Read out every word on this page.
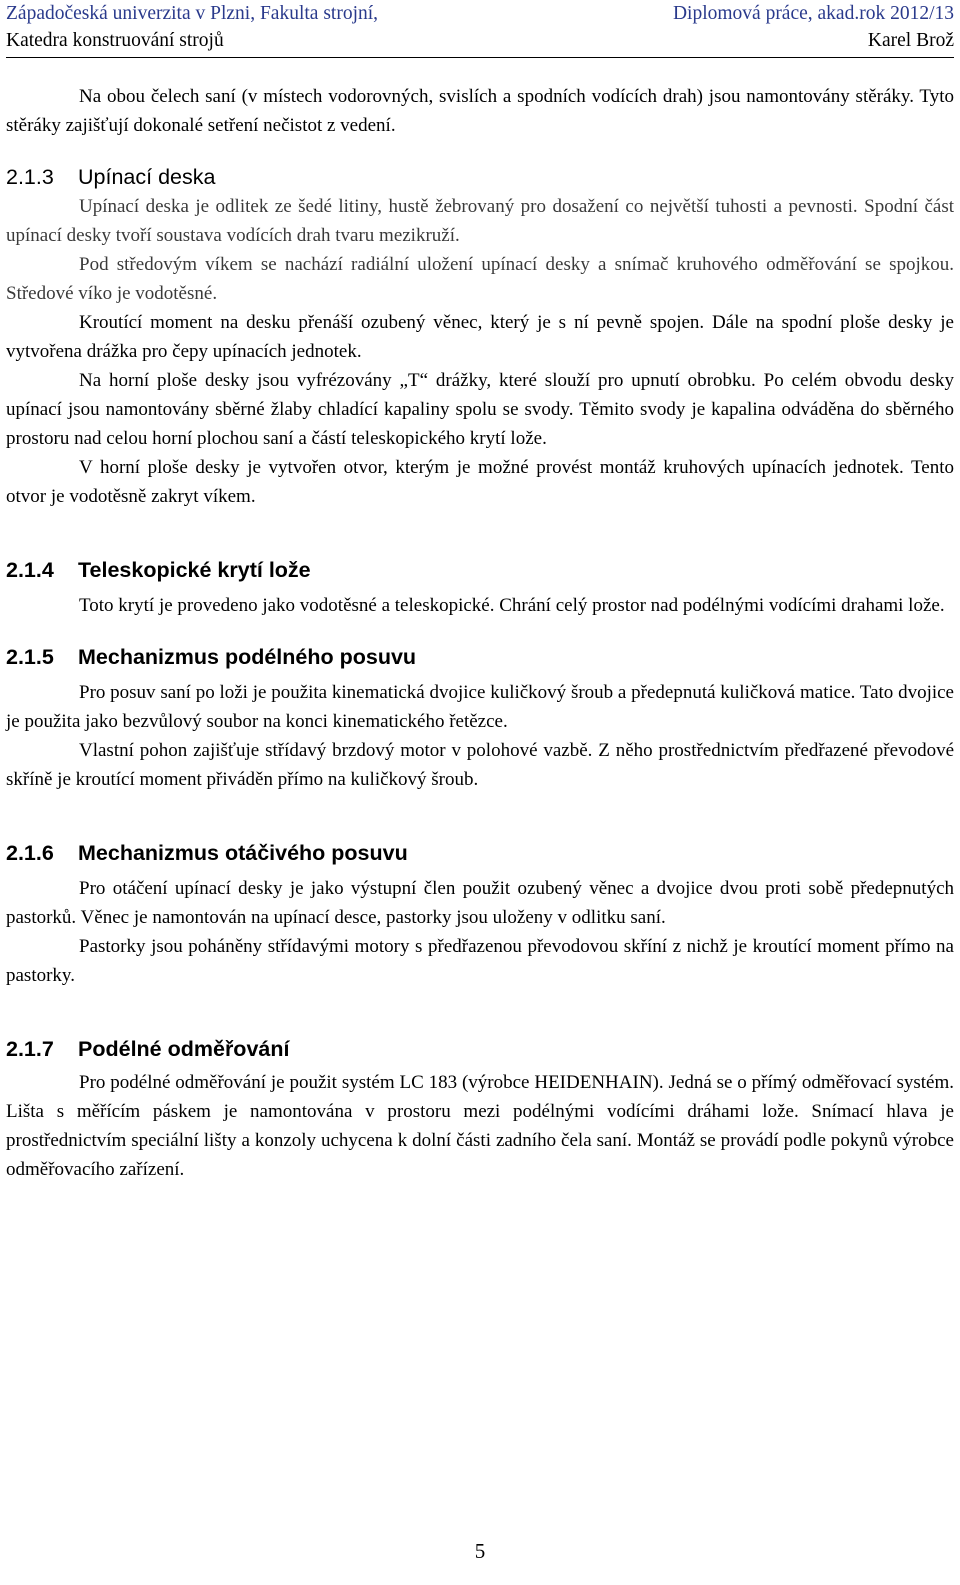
Západočeská univerzita v Plzni, Fakulta strojní,	Diplomová práce, akad.rok 2012/13
Katedra konstruování strojů	Karel Brož

Na obou čelech saní (v místech vodorovných, svislích a spodních vodících drah) jsou namontovány stěráky. Tyto stěráky zajišťují dokonalé setření nečistot z vedení.

2.1.3 Upínací deska

Upínací deska je odlitek ze šedé litiny, hustě žebrovaný pro dosažení co největší tuhosti a pevnosti. Spodní část upínací desky tvoří soustava vodících drah tvaru mezikruží.

Pod středovým víkem se nachází radiální uložení upínací desky a snímač kruhového odměřování se spojkou. Středové víko je vodotěsné.

Kroutící moment na desku přenáší ozubený věnec, který je s ní pevně spojen. Dále na spodní ploše desky je vytvořena drážka pro čepy upínacích jednotek.

Na horní ploše desky jsou vyfrézovány „T“ drážky, které slouží pro upnutí obrobku. Po celém obvodu desky upínací jsou namontovány sběrné žlaby chladící kapaliny spolu se svody. Těmito svody je kapalina odváděna do sběrného prostoru nad celou horní plochou saní a částí teleskopického krytí lože.

V horní ploše desky je vytvořen otvor, kterým je možné provést montáž kruhových upínacích jednotek. Tento otvor je vodotěsně zakryt víkem.

2.1.4 Teleskopické krytí lože

Toto krytí je provedeno jako vodotěsné a teleskopické. Chrání celý prostor nad podélnými vodícími drahami lože.

2.1.5 Mechanizmus podélného posuvu

Pro posuv saní po loži je použita kinematická dvojice kuličkový šroub a předepnutá kuličková matice. Tato dvojice je použita jako bezvůlový soubor na konci kinematického řetězce.

Vlastní pohon zajišťuje střídavý brzdový motor v polohové vazbě. Z něho prostřednictvím předřazené převodové skříně je kroutící moment přiváděn přímo na kuličkový šroub.

2.1.6 Mechanizmus otáčivého posuvu

Pro otáčení upínací desky je jako výstupní člen použit ozubený věnec a dvojice dvou proti sobě předepnutých pastorků. Věnec je namontován na upínací desce, pastorky jsou uloženy v odlitku saní.

Pastorky jsou poháněny střídavými motory s předřazenou převodovou skříní z nichž je kroutící moment přímo na pastorky.

2.1.7 Podélné odměřování

Pro podélné odměřování je použit systém LC 183 (výrobce HEIDENHAIN). Jedná se o přímý odměřovací systém. Lišta s měřícím páskem je namontována v prostoru mezi podélnými vodícími dráhami lože. Snímací hlava je prostřednictvím speciální lišty a konzoly uchycena k dolní části zadního čela saní. Montáž se provádí podle pokynů výrobce odměřovacího zařízení.

5
